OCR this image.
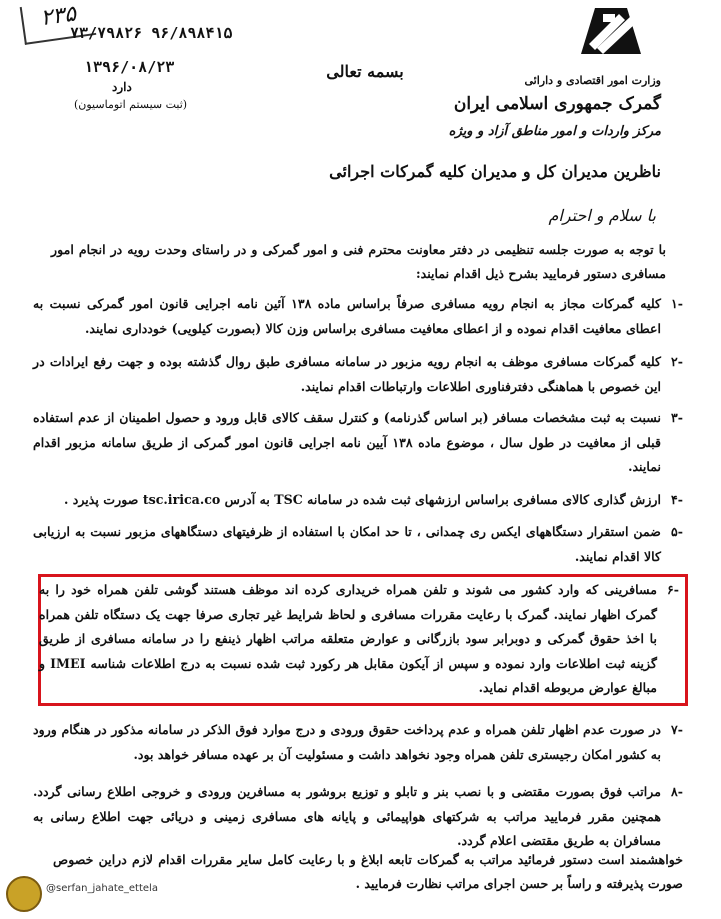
۲۳۵
۷۳/۷۹۸۲۶ ۹۶/۸۹۸۴۱۵
۱۳۹۶/۰۸/۲۳
دارد
(ثبت سیستم اتوماسیون)
بسمه تعالی	وزارت امور اقتصادی و دارائی
گمرک جمهوری اسلامی ایران
مرکز واردات و امور مناطق آزاد و ویژه
ناظرین مدیران کل و مدیران کلیه گمرکات اجرائی
با سلام و احترام
با توجه به صورت جلسه تنظیمی در دفتر معاونت محترم فنی و امور گمرکی و در راستای وحدت رویه در انجام امور مسافری دستور فرمایید بشرح ذیل اقدام نمایند:
-۱
کلیه گمرکات مجاز به انجام رویه مسافری صرفاً براساس ماده ۱۳۸ آئین نامه اجرایی قانون امور گمرکی نسبت به اعطای معافیت اقدام نموده و از اعطای معافیت مسافری براساس وزن کالا (بصورت کیلویی) خودداری نمایند.
-۲
کلیه گمرکات مسافری موظف به انجام رویه مزبور در سامانه مسافری طبق روال گذشته بوده و جهت رفع ایرادات در این خصوص با هماهنگی دفترفناوری اطلاعات وارتباطات اقدام نمایند.
-۳
نسبت به ثبت مشخصات مسافر (بر اساس گذرنامه) و کنترل سقف کالای قابل ورود و حصول اطمینان از عدم استفاده قبلی از معافیت در طول سال ، موضوع ماده ۱۳۸ آیین نامه اجرایی قانون امور گمرکی از طریق سامانه مزبور اقدام نمایند.
-۴
ارزش گذاری کالای مسافری براساس ارزشهای ثبت شده در سامانه TSC به آدرس tsc.irica.co صورت پذیرد .
-۵
ضمن استقرار دستگاههای ایکس ری چمدانی ، تا حد امکان با استفاده از ظرفیتهای دستگاههای مزبور نسبت به ارزیابی کالا اقدام نمایند.
-۶
مسافرینی که وارد کشور می شوند و تلفن همراه خریداری کرده اند موظف هستند گوشی تلفن همراه خود را به گمرک اظهار نمایند. گمرک با رعایت مقررات مسافری و لحاظ شرایط غیر تجاری صرفا جهت یک دستگاه تلفن همراه با اخذ حقوق گمرکی و دوبرابر سود بازرگانی و عوارض متعلقه مراتب اظهار ذینفع را در سامانه مسافری از طریق گزینه ثبت اطلاعات وارد نموده و سپس از آیکون مقابل هر رکورد ثبت شده نسبت به درج اطلاعات شناسه IMEI و مبالغ عوارض مربوطه اقدام نماید.
-۷
در صورت عدم اظهار تلفن همراه و عدم پرداخت حقوق ورودی و درج موارد فوق الذکر در سامانه مذکور در هنگام ورود به کشور امکان رجیستری تلفن همراه وجود نخواهد داشت و مسئولیت آن بر عهده مسافر خواهد بود.
-۸
مراتب فوق بصورت مقتضی و با نصب بنر و تابلو و توزیع بروشور به مسافرین ورودی و خروجی اطلاع رسانی گردد. همچنین مقرر فرمایید مراتب به شرکتهای هواپیمائی و پایانه های مسافری زمینی و دریائی جهت اطلاع رسانی به مسافران به طریق مقتضی اعلام گردد.
خواهشمند است دستور فرمائید مراتب به گمرکات تابعه ابلاغ و با رعایت کامل سایر مقررات اقدام لازم دراین خصوص صورت پذیرفته و راساً بر حسن اجرای مراتب نظارت فرمایید .
@serfan_jahate_ettela
